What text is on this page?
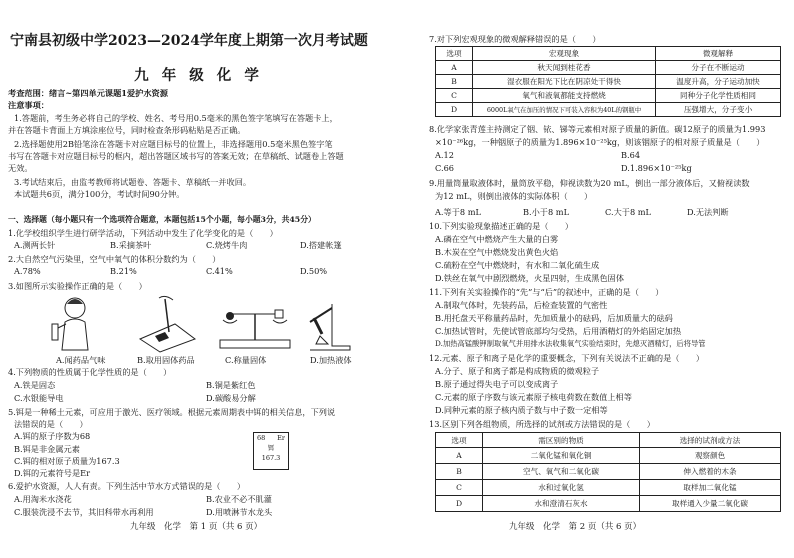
宁南县初级中学2023—2024学年度上期第一次月考试题
九 年 级 化 学
考查范围：绪言~第四单元课题1爱护水资源
注意事项：
1.答题前，考生务必将自己的学校、姓名、考号用0.5毫米的黑色签字笔填写在答题卡上，
并在答题卡背面上方填涂座位号，同时检查条形码粘贴是否正确。
2.选择题使用2B铅笔涂在答题卡对应题目标号的位置上，非选择题用0.5毫米黑色签字笔
书写在答题卡对应题目标号的框内，超出答题区域书写的答案无效；在草稿纸、试题卷上答题
无效。
3.考试结束后，由监考教师将试题卷、答题卡、草稿纸一并收回。
本试题共6页，满分100分，考试时间90分钟。
一、选择题（每小题只有一个选项符合题意，本题包括15个小题，每小题3分，共45分）
1.化学校组织学生进行研学活动，下列活动中发生了化学变化的是（　　）
A.测两长针	B.采摘茶叶	C.烧烤牛肉	D.搭建帐篷
2.大自然空气污染里，空气中氧气的体积分数约为（　　）
A.78%	B.21%	C.41%	D.50%
3.如图所示实验操作正确的是（　　）
A.闻药品气味	B.取用固体药品	C.称量固体	D.加热液体
4.下列物质的性质属于化学性质的是（　　）
A.铁是固态	B.铜是紫红色
C.水银能导电	D.碳酸易分解
5.铒是一种稀土元素，可应用于激光、医疗领域。根据元素周期表中铒的相关信息，下列说
法错误的是（　　）
A.铒的原子序数为68
B.铒是非金属元素
C.铒的相对原子质量为167.3
D.铒的元素符号是Er
68 Er
铒
167.3
6.爱护水资源，人人有责。下列生活中节水方式错误的是（　　）
A.用淘米水浇花	B.农业不必不肌灌
C.服装洗浸不去节，其旧科带水再利用	D.用喷淋节水龙头
九年级　化学　第 1 页（共 6 页）
7.对下列宏观现象的微观解释错误的是（　　）
选项	宏观现象	微观解释
A	秋天闻到桂花香	分子在不断运动
B	湿衣服在阳光下比在阴凉处干得快	温度升高，分子运动加快
C	氧气和液氧都能支持燃烧	同种分子化学性质相同
D	6000L氧气在加压的情况下可装入容积为40L的钢瓶中	压强增大，分子变小
8.化学家张青莲主持测定了铟、铱、锑等元素相对原子质量的新值。碳12原子的质量为1.993
×10⁻²⁶kg，一种铟原子的质量为1.896×10⁻²⁵kg，则该铟原子的相对原子质量是（　　）
A.12	B.64
C.66	D.1.896×10⁻²⁵kg
9.用量筒量取液体时，量筒放平稳，仰视读数为20 mL，倒出一部分液体后，又俯视读数
为12 mL，则倒出液体的实际体积（　　）
A.等于8 mL	B.小于8 mL	C.大于8 mL	D.无法判断
10.下列实验现象描述正确的是（　　）
A.磷在空气中燃烧产生大量的白雾
B.木炭在空气中燃烧发出黄色火焰
C.硫粉在空气中燃烧时，有水和二氧化硫生成
D.铁丝在氧气中剧烈燃烧，火星四射，生成黑色固体
11.下列有关实验操作的“先”与“后”的叙述中，正确的是（　　）
A.制取气体时，先装药品，后检查装置的气密性
B.用托盘天平称量药品时，先加质量小的砝码，后加质量大的砝码
C.加热试管时，先使试管底部均匀受热，后用酒精灯的外焰固定加热
D.加热高锰酸钾制取氧气并用排水法收集氧气实验结束时，先熄灭酒精灯，后将导管
12.元素、原子和离子是化学的重要概念，下列有关说法不正确的是（　　）
A.分子、原子和离子都是构成物质的微观粒子
B.原子通过得失电子可以变成离子
C.元素的原子序数与该元素原子核电荷数在数值上相等
D.同种元素的原子核内质子数与中子数一定相等
13.区别下列各组物质，所选择的试剂或方法错误的是（　　）
选项	需区别的物质	选择的试剂或方法
A	二氧化锰和氧化铜	观察颜色
B	空气、氧气和二氧化碳	伸入燃着的木条
C	水和过氧化氢	取样加二氧化锰
D	水和澄清石灰水	取样通入少量二氧化碳
九年级　化学　第 2 页（共 6 页）
